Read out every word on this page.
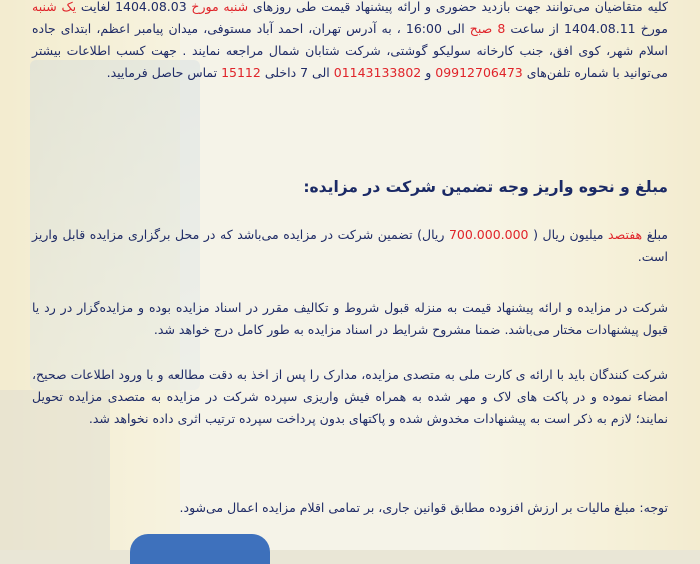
کلیه متقاضیان می‌توانند جهت بازدید حضوری و ارائه پیشنهاد قیمت طی روزهای شنبه مورخ 1404.08.03 لغایت یک شنبه مورخ 1404.08.11 از ساعت 8 صبح الی 16:00 ، به آدرس تهران، احمد آباد مستوفی، میدان پیامبر اعظم، ابتدای جاده اسلام شهر، کوی افق، جنب کارخانه سولیکو گوشتی، شرکت شتابان شمال مراجعه نمایند . جهت کسب اطلاعات بیشتر می‌توانید با شماره تلفن‌های 09912706473 و 01143133802 الی 7 داخلی 15112 تماس حاصل فرمایید.

مبلغ و نحوه واریز وجه تضمین شرکت در مزایده:

مبلغ هفتصد میلیون ریال ( 700.000.000 ریال) تضمین شرکت در مزایده می‌باشد که در محل برگزاری مزایده قابل واریز است.

شرکت در مزایده و ارائه پیشنهاد قیمت به منزله قبول شروط و تکالیف مقرر در اسناد مزایده بوده و مزایده‌گزار در رد یا قبول پیشنهادات مختار می‌باشد. ضمنا مشروح شرایط در اسناد مزایده به طور کامل درج خواهد شد.

شرکت کنندگان باید با ارائه ی کارت ملی به متصدی مزایده، مدارک را پس از اخذ به دقت مطالعه و با ورود اطلاعات صحیح، امضاء نموده و در پاکت های لاک و مهر شده به همراه فیش واریزی سپرده شرکت در مزایده به متصدی مزایده تحویل نمایند؛ لازم به ذکر است به پیشنهادات مخدوش شده و پاکتهای بدون پرداخت سپرده ترتیب اثری داده نخواهد شد.

توجه: مبلغ مالیات بر ارزش افزوده مطابق قوانین جاری، بر تمامی اقلام مزایده اعمال می‌شود.
